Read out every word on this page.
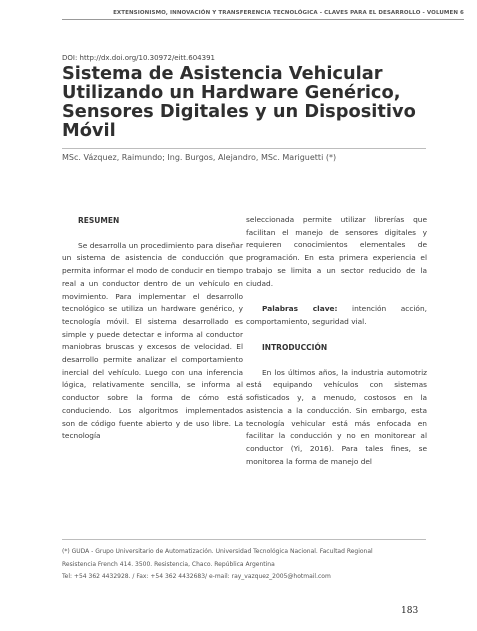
EXTENSIONISMO, INNOVACIÓN Y TRANSFERENCIA TECNOLÓGICA - CLAVES PARA EL DESARROLLO - VOLUMEN 6
DOI: http://dx.doi.org/10.30972/eitt.604391
Sistema de Asistencia Vehicular Utilizando un Hardware Genérico, Sensores Digitales y un Dispositivo Móvil
MSc. Vázquez, Raimundo; Ing. Burgos, Alejandro, MSc. Mariguetti (*)
RESUMEN

Se desarrolla un procedimiento para diseñar un sistema de asistencia de conducción que permita informar el modo de conducir en tiempo real a un conductor dentro de un vehículo en movimiento. Para implementar el desarrollo tecnológico se utiliza un hardware genérico, y tecnología móvil. El sistema desarrollado es simple y puede detectar e informa al conductor maniobras bruscas y excesos de velocidad. El desarrollo permite analizar el comportamiento inercial del vehículo. Luego con una inferencia lógica, relativamente sencilla, se informa al conductor sobre la forma de cómo está conduciendo. Los algoritmos implementados son de código fuente abierto y de uso libre. La tecnología

seleccionada permite utilizar librerías que facilitan el manejo de sensores digitales y requieren conocimientos elementales de programación. En esta primera experiencia el trabajo se limita a un sector reducido de la ciudad.

Palabras clave: intención acción, comportamiento, seguridad vial.

INTRODUCCIÓN

En los últimos años, la industria automotriz está equipando vehículos con sistemas sofisticados y, a menudo, costosos en la asistencia a la conducción. Sin embargo, esta tecnología vehicular está más enfocada en facilitar la conducción y no en monitorear al conductor (Yi, 2016). Para tales fines, se monitorea la forma de manejo del

(*) GUDA - Grupo Universitario de Automatización. Universidad Tecnológica Nacional. Facultad Regional
Resistencia French 414. 3500. Resistencia, Chaco. República Argentina
Tel: +54 362 4432928. / Fax: +54 362 4432683/ e-mail: ray_vazquez_2005@hotmail.com
183
